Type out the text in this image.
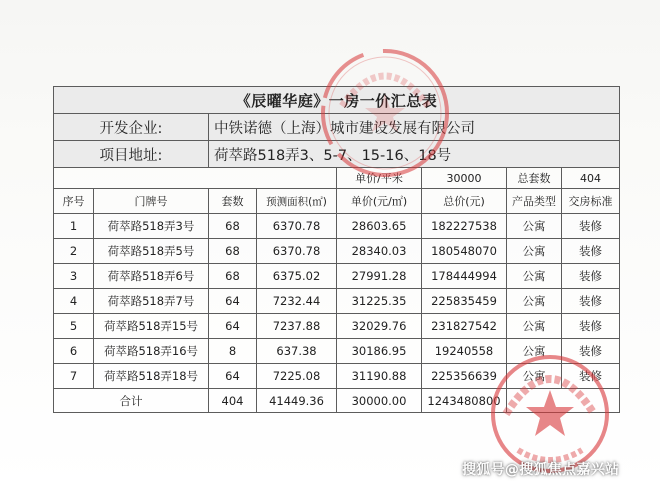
《辰曜华庭》一房一价汇总表							
开发企业:		中铁诺德（上海）城市建设发展有限公司					
项目地址:		荷萃路518弄3、5-7、15-16、18号					
				单价/平米	30000	总套数	404
序号	门牌号	套数	预测面积(㎡)	单价(元/㎡)	总价(元)	产品类型	交房标准
1	荷萃路518弄3号	68	6370.78	28603.65	182227538	公寓	装修
2	荷萃路518弄5号	68	6370.78	28340.03	180548070	公寓	装修
3	荷萃路518弄6号	68	6375.02	27991.28	178444994	公寓	装修
4	荷萃路518弄7号	64	7232.44	31225.35	225835459	公寓	装修
5	荷萃路518弄15号	64	7237.88	32029.76	231827542	公寓	装修
6	荷萃路518弄16号	8	637.38	30186.95	19240558	公寓	装修
7	荷萃路518弄18号	64	7225.08	31190.88	225356639	公寓	装修
合计		404	41449.36	30000.00	1243480800		
搜狐号@搜狐焦点嘉兴站
